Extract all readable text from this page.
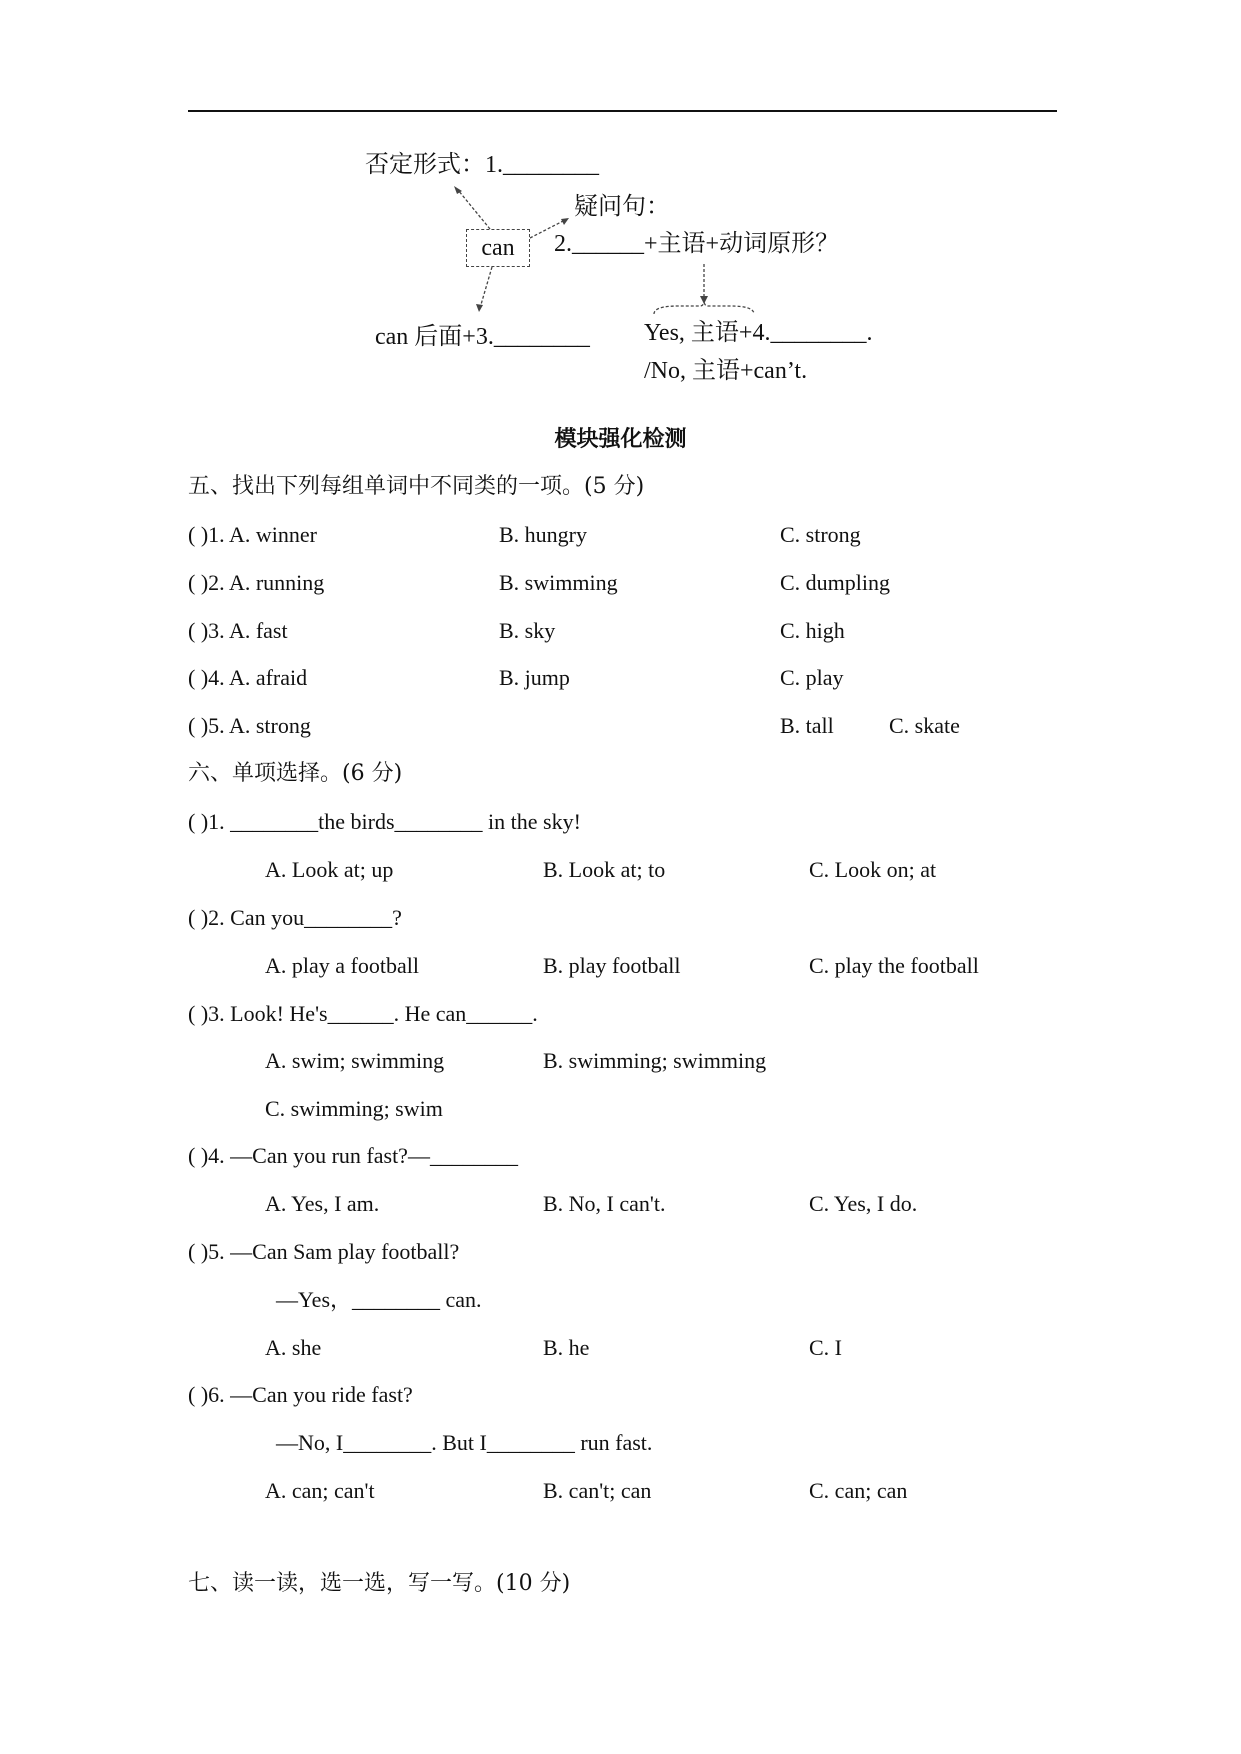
否定形式：1.________
疑问句：
2.______+主语+动词原形？
can
can 后面+3.________ Yes, 主语+4.________.
/No, 主语+can’t.
模块强化检测
五、找出下列每组单词中不同类的一项。(5 分)
( )1. A. winner	B. hungry	C. strong
( )2. A. running	B. swimming	C. dumpling
( )3. A. fast	B. sky	C. high
( )4. A. afraid	B. jump	C. play
( )5. A. strong	B. tall	C. skate
六、单项选择。(6 分)
( )1. ________the birds________ in the sky!
A. Look at; up	B. Look at; to	C. Look on; at
( )2. Can you________?
A. play a football	B. play football	C. play the football
( )3. Look! He's______. He can______.
A. swim; swimming	B. swimming; swimming
C. swimming; swim
( )4. —Can you run fast?—________
A. Yes, I am.	B. No, I can't.	C. Yes, I do.
( )5. —Can Sam play football?
—Yes，________ can.
A. she	B. he	C. I
( )6. —Can you ride fast?
—No, I________. But I________ run fast.
A. can; can't	B. can't; can	C. can; can
七、读一读，选一选，写一写。(10 分)
